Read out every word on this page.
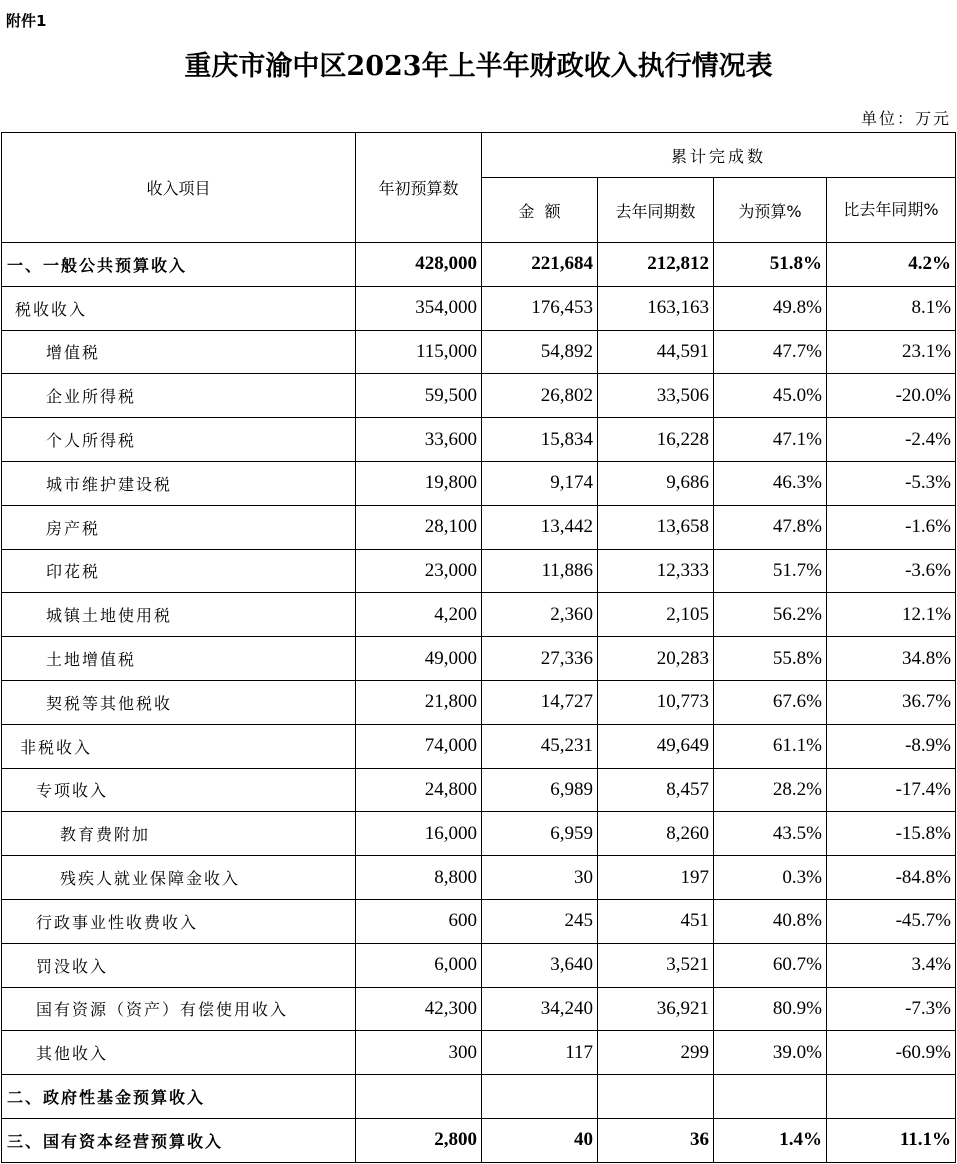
附件1
重庆市渝中区2023年上半年财政收入执行情况表
单位：万元
收入项目	年初预算数	累计完成数			
		金  额	去年同期数	为预算%	比去年同期%
一、一般公共预算收入	428,000	221,684	212,812	51.8%	4.2%
税收收入	354,000	176,453	163,163	49.8%	8.1%
增值税	115,000	54,892	44,591	47.7%	23.1%
企业所得税	59,500	26,802	33,506	45.0%	-20.0%
个人所得税	33,600	15,834	16,228	47.1%	-2.4%
城市维护建设税	19,800	9,174	9,686	46.3%	-5.3%
房产税	28,100	13,442	13,658	47.8%	-1.6%
印花税	23,000	11,886	12,333	51.7%	-3.6%
城镇土地使用税	4,200	2,360	2,105	56.2%	12.1%
土地增值税	49,000	27,336	20,283	55.8%	34.8%
契税等其他税收	21,800	14,727	10,773	67.6%	36.7%
非税收入	74,000	45,231	49,649	61.1%	-8.9%
专项收入	24,800	6,989	8,457	28.2%	-17.4%
教育费附加	16,000	6,959	8,260	43.5%	-15.8%
残疾人就业保障金收入	8,800	30	197	0.3%	-84.8%
行政事业性收费收入	600	245	451	40.8%	-45.7%
罚没收入	6,000	3,640	3,521	60.7%	3.4%
国有资源（资产）有偿使用收入	42,300	34,240	36,921	80.9%	-7.3%
其他收入	300	117	299	39.0%	-60.9%
二、政府性基金预算收入					
三、国有资本经营预算收入	2,800	40	36	1.4%	11.1%
